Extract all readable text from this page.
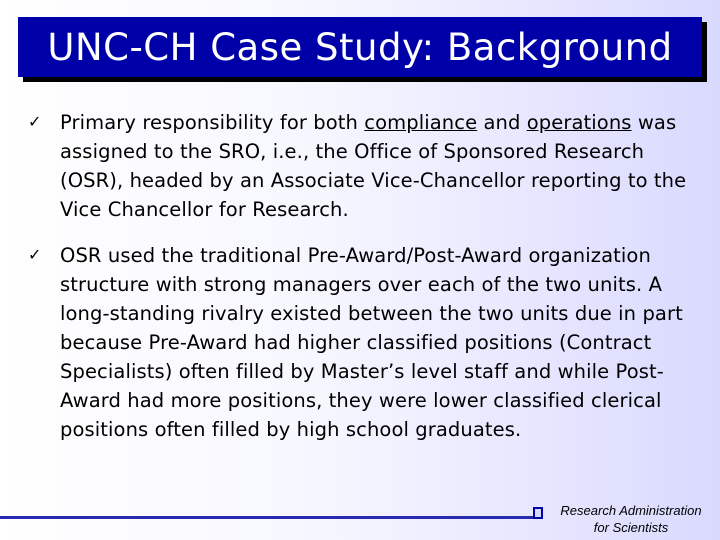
UNC-CH Case Study: Background
✓ Primary responsibility for both compliance and operations was assigned to the SRO, i.e., the Office of Sponsored Research (OSR), headed by an Associate Vice-Chancellor reporting to the Vice Chancellor for Research.
✓ OSR used the traditional Pre-Award/Post-Award organization structure with strong managers over each of the two units. A long-standing rivalry existed between the two units due in part because Pre-Award had higher classified positions (Contract Specialists) often filled by Master’s level staff and while Post-Award had more positions, they were lower classified clerical positions often filled by high school graduates.
Research Administration
for Scientists
